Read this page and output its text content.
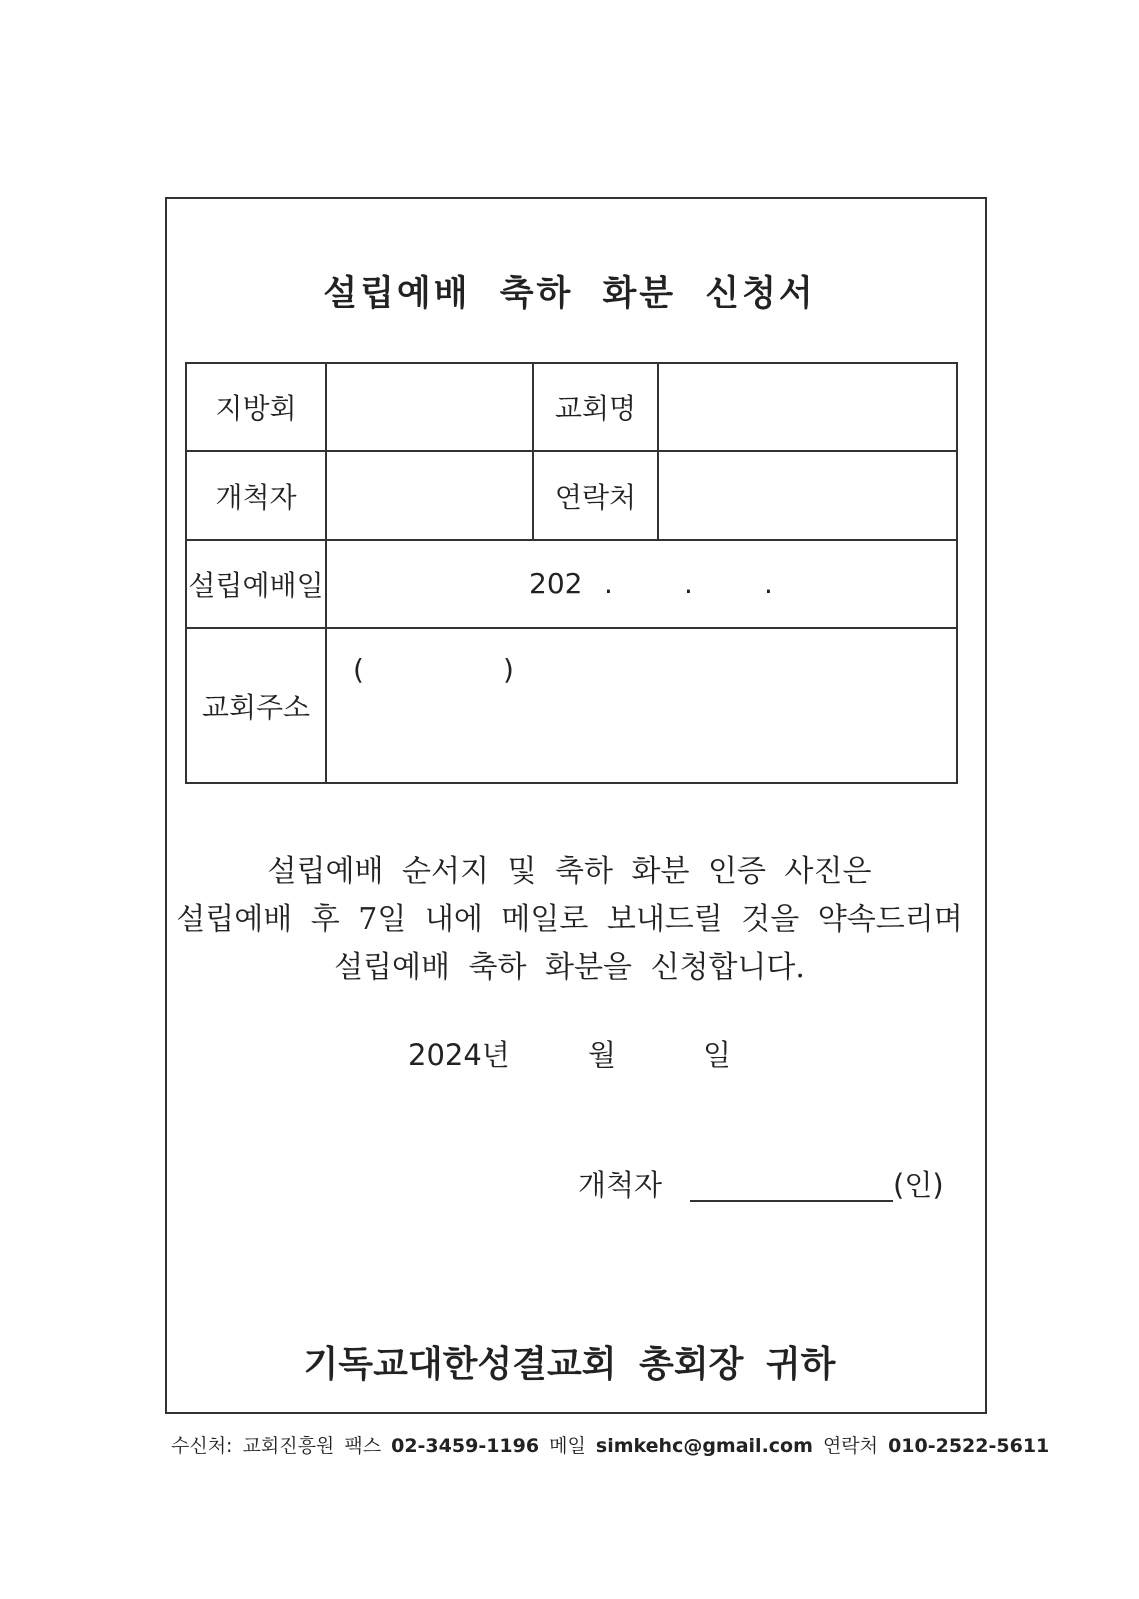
설립예배 축하 화분 신청서
지방회		교회명	
개척자		연락처	
설립예배일	202 . . .		

교회주소	( )		
설립예배 순서지 및 축하 화분 인증 사진은
설립예배 후 7일 내에 메일로 보내드릴 것을 약속드리며
설립예배 축하 화분을 신청합니다.
2024년	월	일
개척자	(인)
기독교대한성결교회 총회장 귀하
수신처: 교회진흥원 팩스 02-3459-1196 메일 simkehc@gmail.com 연락처 010-2522-5611
